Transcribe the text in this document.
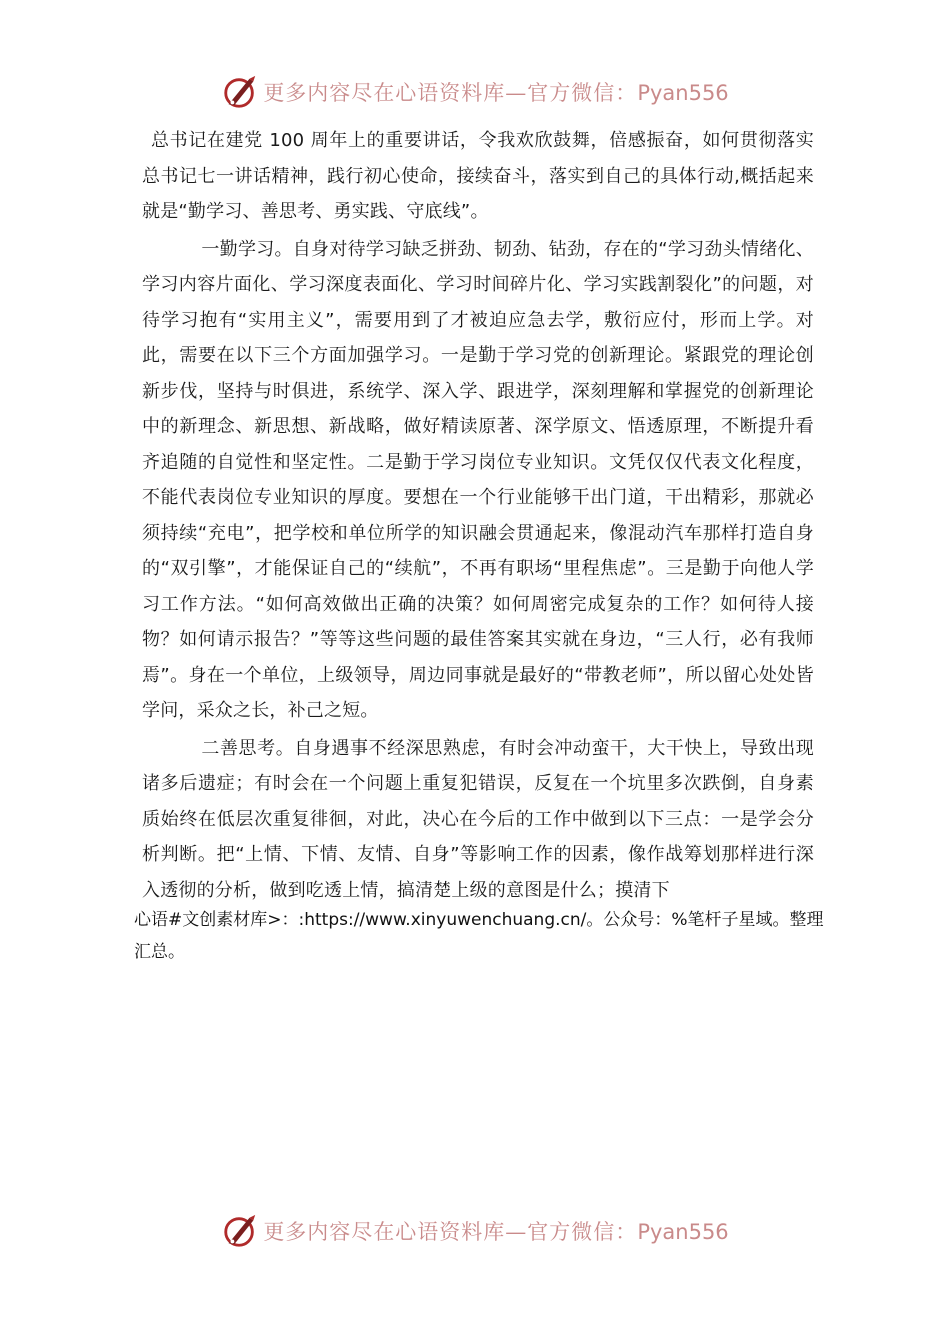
更多内容尽在心语资料库—官方微信：Pyan556

总书记在建党 100 周年上的重要讲话，令我欢欣鼓舞，倍感振奋，如何贯彻落实总书记七一讲话精神，践行初心使命，接续奋斗，落实到自己的具体行动,概括起来就是“勤学习、善思考、勇实践、守底线”。

一勤学习。自身对待学习缺乏拼劲、韧劲、钻劲，存在的“学习劲头情绪化、学习内容片面化、学习深度表面化、学习时间碎片化、学习实践割裂化”的问题，对待学习抱有“实用主义”，需要用到了才被迫应急去学，敷衍应付，形而上学。对此，需要在以下三个方面加强学习。一是勤于学习党的创新理论。紧跟党的理论创新步伐，坚持与时俱进，系统学、深入学、跟进学，深刻理解和掌握党的创新理论中的新理念、新思想、新战略，做好精读原著、深学原文、悟透原理，不断提升看齐追随的自觉性和坚定性。二是勤于学习岗位专业知识。文凭仅仅代表文化程度，不能代表岗位专业知识的厚度。要想在一个行业能够干出门道，干出精彩，那就必须持续“充电”，把学校和单位所学的知识融会贯通起来，像混动汽车那样打造自身的“双引擎”，才能保证自己的“续航”，不再有职场“里程焦虑”。三是勤于向他人学习工作方法。“如何高效做出正确的决策？如何周密完成复杂的工作？如何待人接物？如何请示报告？”等等这些问题的最佳答案其实就在身边，“三人行，必有我师焉”。身在一个单位，上级领导，周边同事就是最好的“带教老师”，所以留心处处皆学问，采众之长，补己之短。

二善思考。自身遇事不经深思熟虑，有时会冲动蛮干，大干快上，导致出现诸多后遗症；有时会在一个问题上重复犯错误，反复在一个坑里多次跌倒，自身素质始终在低层次重复徘徊，对此，决心在今后的工作中做到以下三点：一是学会分析判断。把“上情、下情、友情、自身”等影响工作的因素，像作战筹划那样进行深入透彻的分析，做到吃透上情，搞清楚上级的意图是什么；摸清下

心语#文创素材库>：:https://www.xinyuwenchuang.cn/。公众号：%笔杆子星域。整理汇总。

更多内容尽在心语资料库—官方微信：Pyan556
